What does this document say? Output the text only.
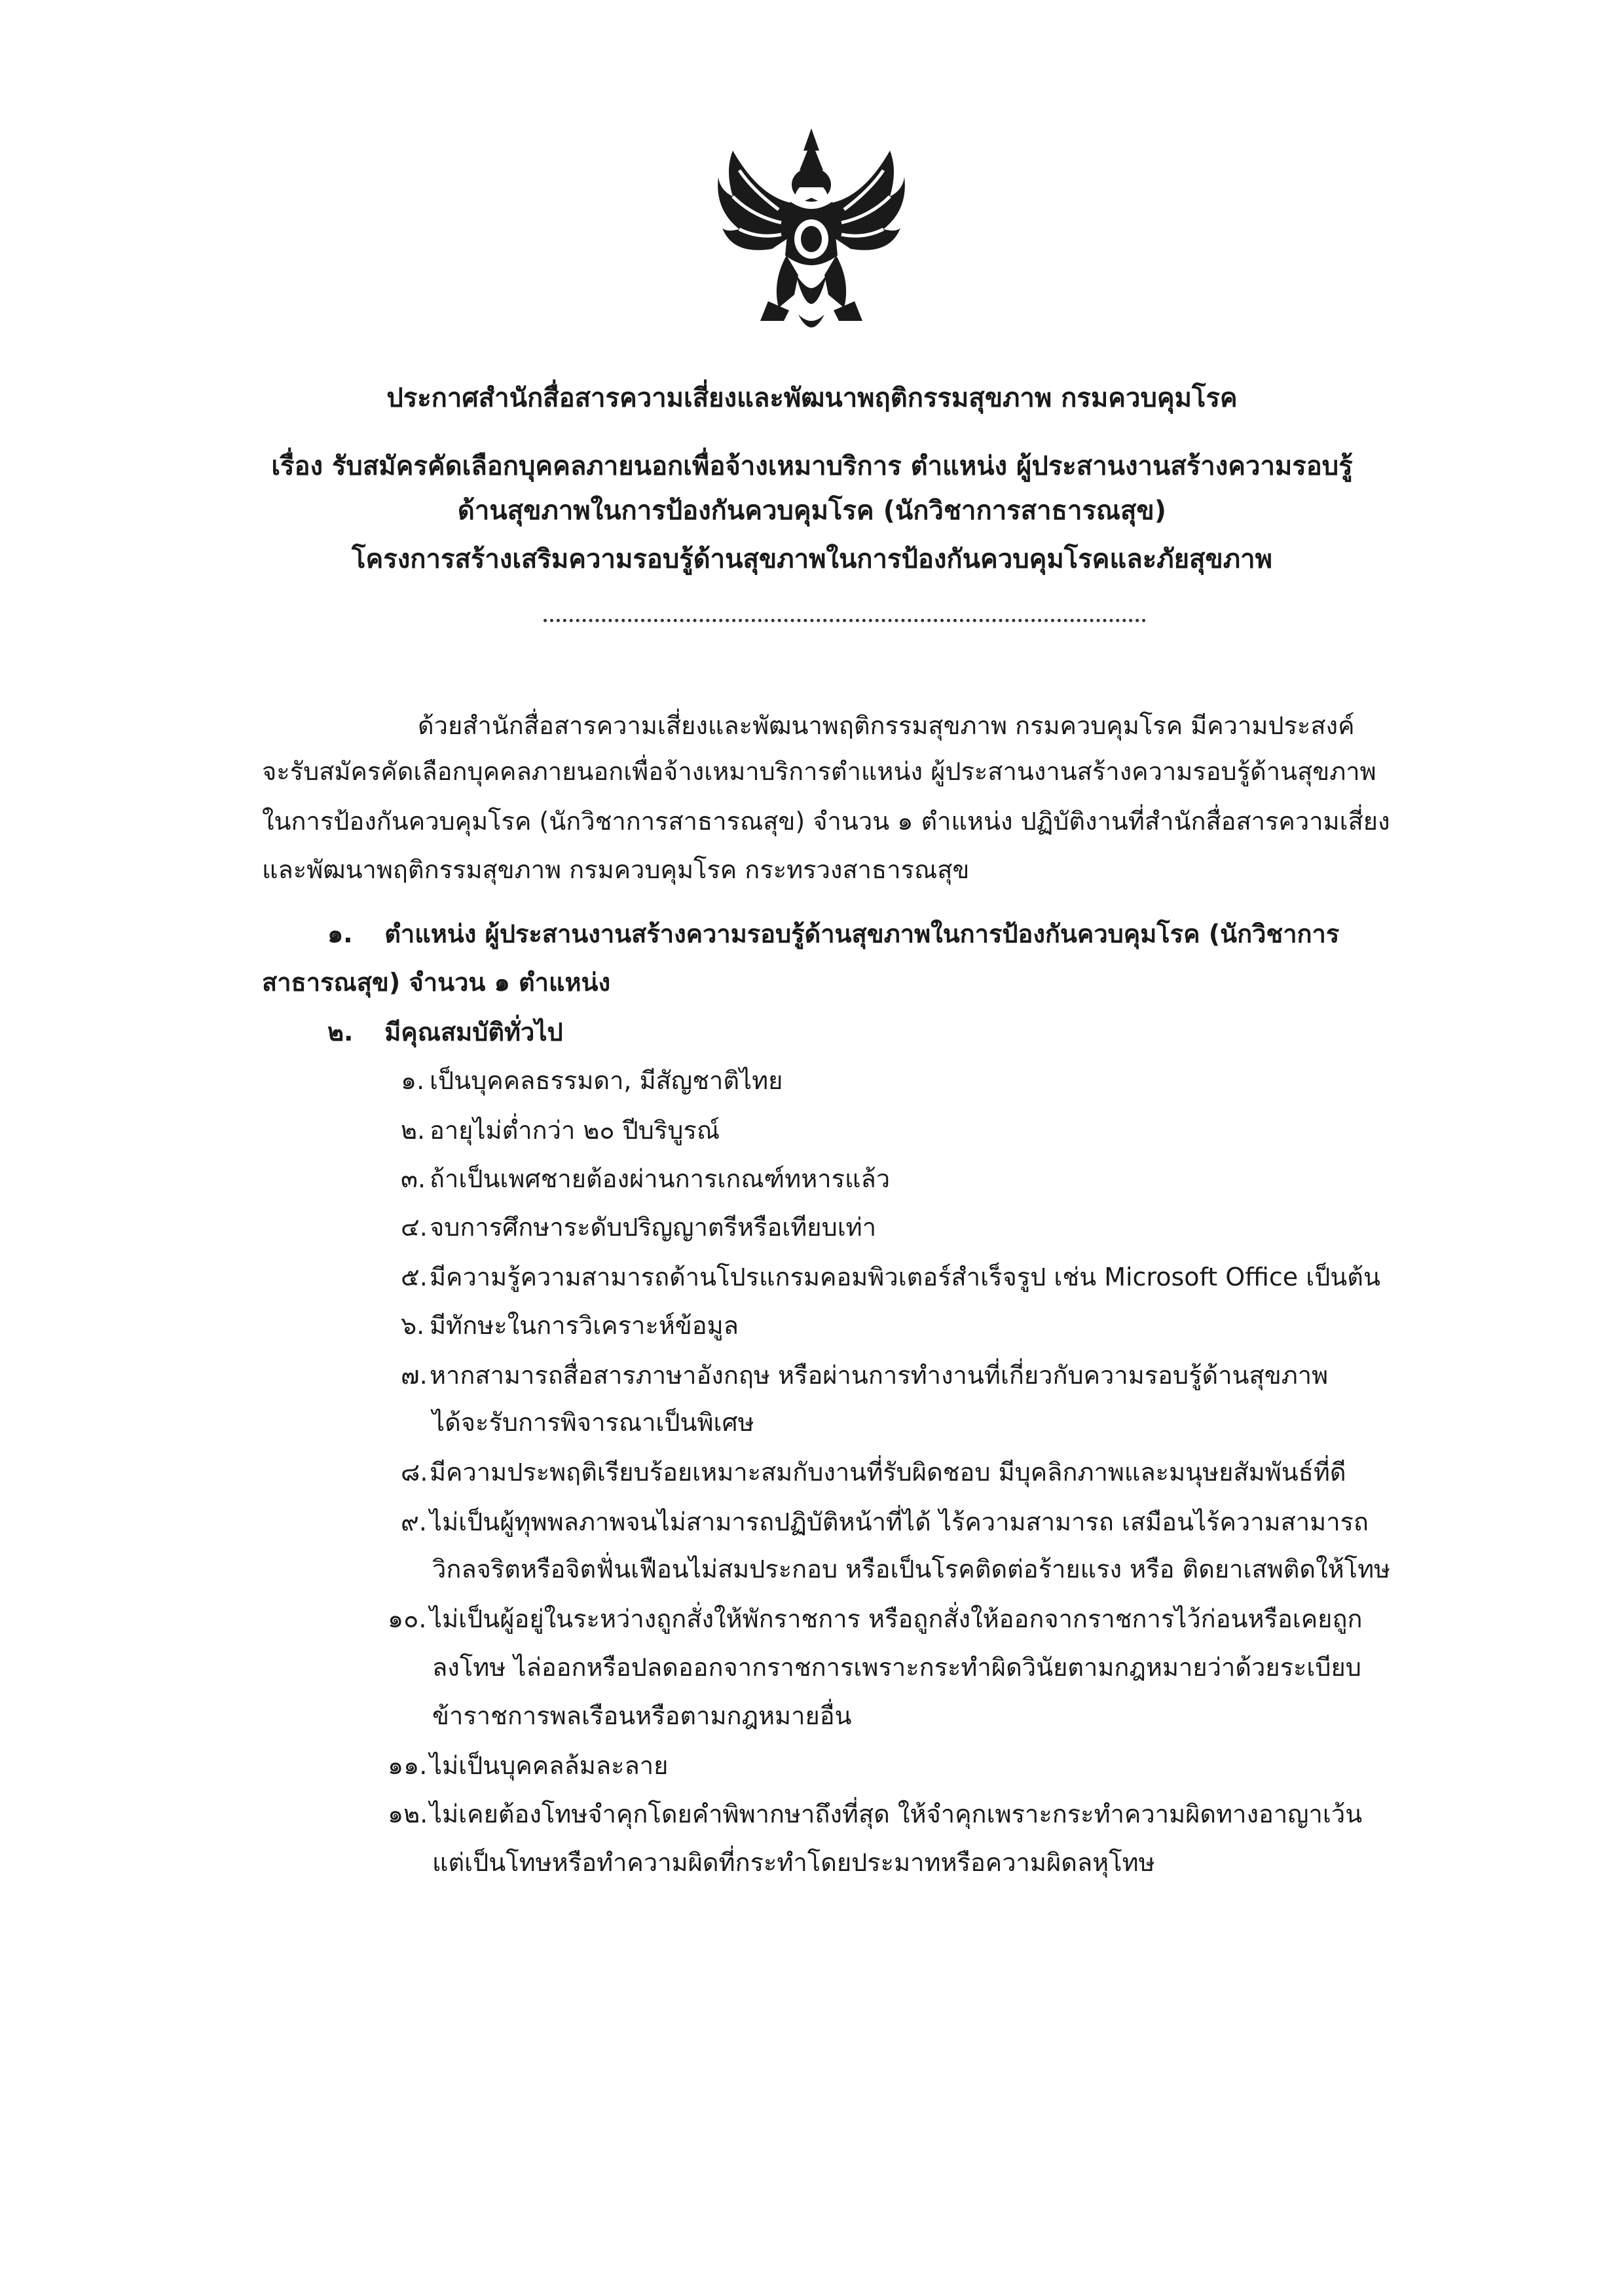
ประกาศสำนักสื่อสารความเสี่ยงและพัฒนาพฤติกรรมสุขภาพ กรมควบคุมโรค
เรื่อง รับสมัครคัดเลือกบุคคลภายนอกเพื่อจ้างเหมาบริการ ตำแหน่ง ผู้ประสานงานสร้างความรอบรู้
ด้านสุขภาพในการป้องกันควบคุมโรค (นักวิชาการสาธารณสุข)
โครงการสร้างเสริมความรอบรู้ด้านสุขภาพในการป้องกันควบคุมโรคและภัยสุขภาพ
ด้วยสำนักสื่อสารความเสี่ยงและพัฒนาพฤติกรรมสุขภาพ กรมควบคุมโรค มีความประสงค์
จะรับสมัครคัดเลือกบุคคลภายนอกเพื่อจ้างเหมาบริการตำแหน่ง ผู้ประสานงานสร้างความรอบรู้ด้านสุขภาพ
ในการป้องกันควบคุมโรค (นักวิชาการสาธารณสุข) จำนวน ๑ ตำแหน่ง ปฏิบัติงานที่สำนักสื่อสารความเสี่ยง
และพัฒนาพฤติกรรมสุขภาพ กรมควบคุมโรค กระทรวงสาธารณสุข
๑. ตำแหน่ง ผู้ประสานงานสร้างความรอบรู้ด้านสุขภาพในการป้องกันควบคุมโรค (นักวิชาการ
สาธารณสุข) จำนวน ๑ ตำแหน่ง
๒. มีคุณสมบัติทั่วไป
๑. เป็นบุคคลธรรมดา, มีสัญชาติไทย
๒. อายุไม่ต่ำกว่า ๒๐ ปีบริบูรณ์
๓. ถ้าเป็นเพศชายต้องผ่านการเกณฑ์ทหารแล้ว
๔.จบการศึกษาระดับปริญญาตรีหรือเทียบเท่า
๕.มีความรู้ความสามารถด้านโปรแกรมคอมพิวเตอร์สำเร็จรูป เช่น Microsoft Office เป็นต้น
๖. มีทักษะในการวิเคราะห์ข้อมูล
๗.หากสามารถสื่อสารภาษาอังกฤษ หรือผ่านการทำงานที่เกี่ยวกับความรอบรู้ด้านสุขภาพ
ได้จะรับการพิจารณาเป็นพิเศษ
๘.มีความประพฤติเรียบร้อยเหมาะสมกับงานที่รับผิดชอบ มีบุคลิกภาพและมนุษยสัมพันธ์ที่ดี
๙. ไม่เป็นผู้ทุพพลภาพจนไม่สามารถปฏิบัติหน้าที่ได้ ไร้ความสามารถ เสมือนไร้ความสามารถ
วิกลจริตหรือจิตฟั่นเฟือนไม่สมประกอบ หรือเป็นโรคติดต่อร้ายแรง หรือ ติดยาเสพติดให้โทษ
๑๐. ไม่เป็นผู้อยู่ในระหว่างถูกสั่งให้พักราชการ หรือถูกสั่งให้ออกจากราชการไว้ก่อนหรือเคยถูก
ลงโทษ ไล่ออกหรือปลดออกจากราชการเพราะกระทำผิดวินัยตามกฎหมายว่าด้วยระเบียบ
ข้าราชการพลเรือนหรือตามกฎหมายอื่น
๑๑.ไม่เป็นบุคคลล้มละลาย
๑๒.ไม่เคยต้องโทษจำคุกโดยคำพิพากษาถึงที่สุด ให้จำคุกเพราะกระทำความผิดทางอาญาเว้น
แต่เป็นโทษหรือทำความผิดที่กระทำโดยประมาทหรือความผิดลหุโทษ
